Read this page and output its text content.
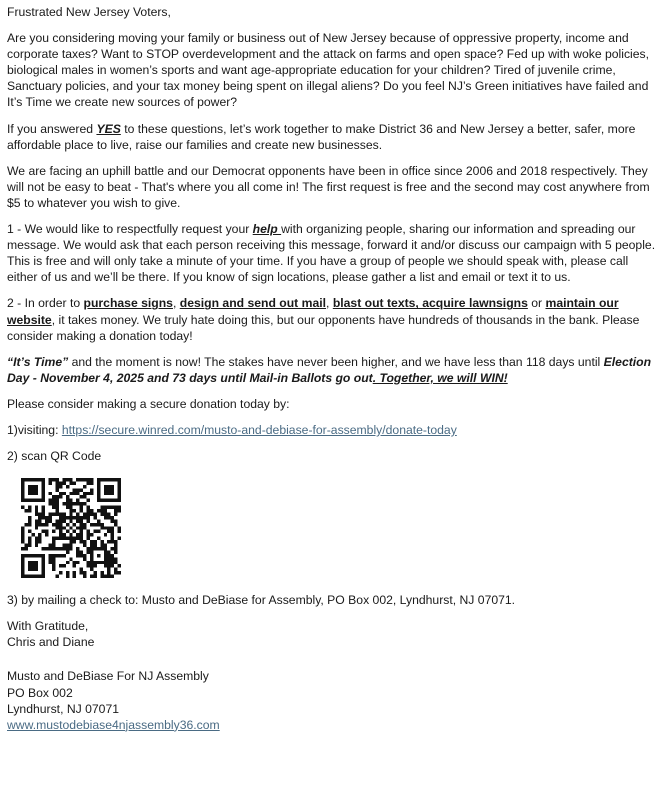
Frustrated New Jersey Voters,

Are you considering moving your family or business out of New Jersey because of oppressive property, income and corporate taxes? Want to STOP overdevelopment and the attack on farms and open space? Fed up with woke policies, biological males in women’s sports and want age-appropriate education for your children? Tired of juvenile crime, Sanctuary policies, and your tax money being spent on illegal aliens? Do you feel NJ’s Green initiatives have failed and It’s Time we create new sources of power?

If you answered YES to these questions, let’s work together to make District 36 and New Jersey a better, safer, more affordable place to live, raise our families and create new businesses.

We are facing an uphill battle and our Democrat opponents have been in office since 2006 and 2018 respectively. They will not be easy to beat - That's where you all come in! The first request is free and the second may cost anywhere from $5 to whatever you wish to give.

1 - We would like to respectfully request your help with organizing people, sharing our information and spreading our message. We would ask that each person receiving this message, forward it and/or discuss our campaign with 5 people. This is free and will only take a minute of your time. If you have a group of people we should speak with, please call either of us and we’ll be there. If you know of sign locations, please gather a list and email or text it to us.

2 - In order to purchase signs, design and send out mail, blast out texts, acquire lawnsigns or maintain our website, it takes money. We truly hate doing this, but our opponents have hundreds of thousands in the bank. Please consider making a donation today!

“It’s Time” and the moment is now! The stakes have never been higher, and we have less than 118 days until Election Day - November 4, 2025 and 73 days until Mail-in Ballots go out. Together, we will WIN!

Please consider making a secure donation today by:

1)visiting: https://secure.winred.com/musto-and-debiase-for-assembly/donate-today

2) scan QR Code

3) by mailing a check to: Musto and DeBiase for Assembly, PO Box 002, Lyndhurst, NJ 07071.

With Gratitude,

Chris and Diane

Musto and DeBiase For NJ Assembly

PO Box 002

Lyndhurst, NJ 07071

www.mustodebiase4njassembly36.com
